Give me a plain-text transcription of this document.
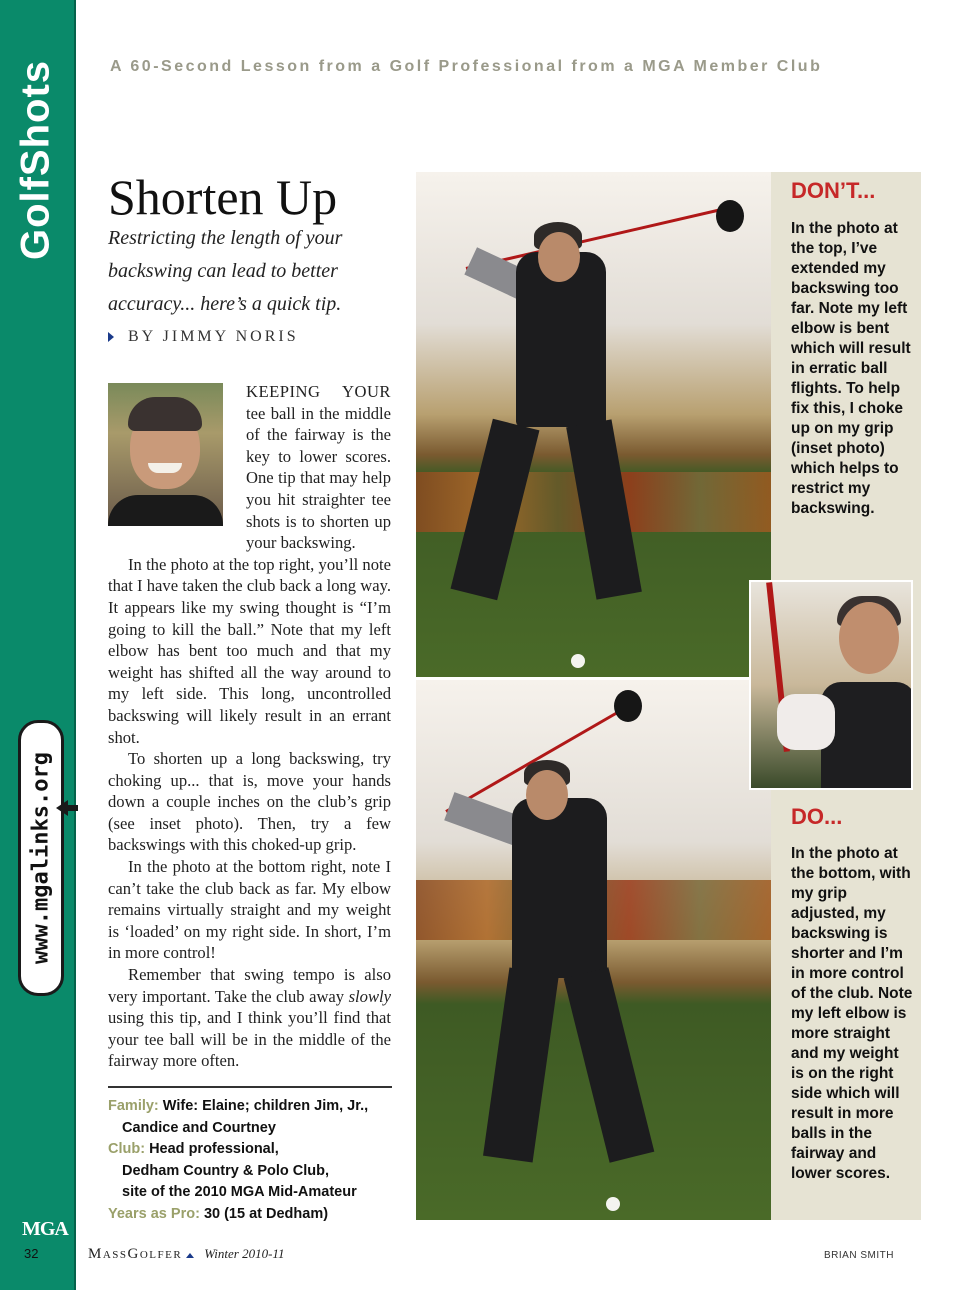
GolfShots
www.mgalinks.org
MGA
32
A 60-Second Lesson from a Golf Professional from a MGA Member Club
Shorten Up
Restricting the length of your backswing can lead to better accuracy... here’s a quick tip.
BY JIMMY NORIS

KEEPING YOUR tee ball in the middle of the fairway is the key to lower scores. One tip that may help you hit straighter tee shots is to shorten up your backswing.

In the photo at the top right, you’ll note that I have taken the club back a long way. It appears like my swing thought is “I’m going to kill the ball.” Note that my left elbow has bent too much and that my weight has shifted all the way around to my left side. This long, uncontrolled backswing will likely result in an errant shot.

To shorten up a long backswing, try choking up... that is, move your hands down a couple inches on the club’s grip (see inset photo). Then, try a few backswings with this choked-up grip.

In the photo at the bottom right, note I can’t take the club back as far. My elbow remains virtually straight and my weight is ‘loaded’ on my right side. In short, I’m in more control!

Remember that swing tempo is also very important. Take the club away slowly using this tip, and I think you’ll find that your tee ball will be in the middle of the fairway more often.

Family: Wife: Elaine; children Jim, Jr.,
Candice and Courtney
Club: Head professional,
Dedham Country & Polo Club,
site of the 2010 MGA Mid-Amateur
Years as Pro: 30 (15 at Dedham)
DON’T...
In the photo at the top, I’ve extended my backswing too far. Note my left elbow is bent which will result in erratic ball flights. To help fix this, I choke up on my grip (inset photo) which helps to restrict my backswing.
DO...
In the photo at the bottom, with my grip adjusted, my backswing is shorter and I’m in more control of the club. Note my left elbow is more straight and my weight is on the right side which will result in more balls in the fairway and lower scores.
MassGolfer Winter 2010-11	BRIAN SMITH
